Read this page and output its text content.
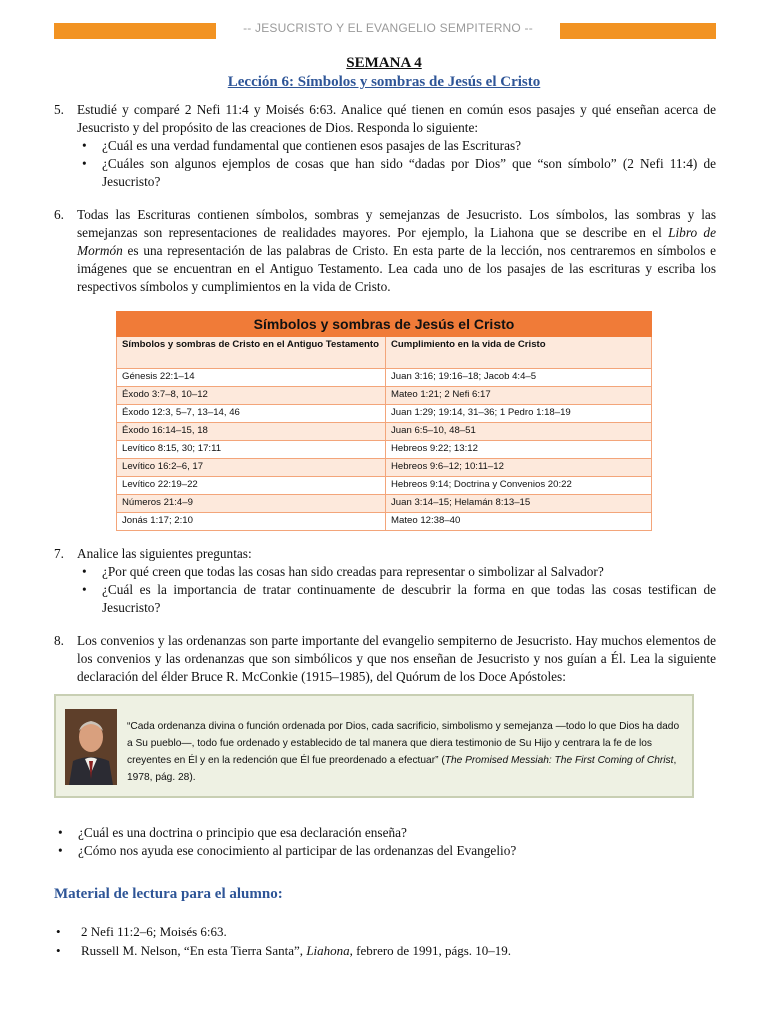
-- JESUCRISTO Y EL EVANGELIO SEMPITERNO --
SEMANA 4
Lección 6: Símbolos y sombras de Jesús el Cristo
5. Estudié y comparé 2 Nefi 11:4 y Moisés 6:63. Analice qué tienen en común esos pasajes y qué enseñan acerca de Jesucristo y del propósito de las creaciones de Dios. Responda lo siguiente:
• ¿Cuál es una verdad fundamental que contienen esos pasajes de las Escrituras?
• ¿Cuáles son algunos ejemplos de cosas que han sido “dadas por Dios” que “son símbolo” (2 Nefi 11:4) de Jesucristo?
6. Todas las Escrituras contienen símbolos, sombras y semejanzas de Jesucristo. Los símbolos, las sombras y las semejanzas son representaciones de realidades mayores. Por ejemplo, la Liahona que se describe en el Libro de Mormón es una representación de las palabras de Cristo. En esta parte de la lección, nos centraremos en símbolos e imágenes que se encuentran en el Antiguo Testamento. Lea cada uno de los pasajes de las escrituras y escriba los respectivos símbolos y cumplimientos en la vida de Cristo.
Símbolos y sombras de Jesús el Cristo	
Símbolos y sombras de Cristo en el Antiguo Testamento	Cumplimiento en la vida de Cristo
Génesis 22:1–14	Juan 3:16; 19:16–18; Jacob 4:4–5
Éxodo 3:7–8, 10–12	Mateo 1:21; 2 Nefi 6:17
Éxodo 12:3, 5–7, 13–14, 46	Juan 1:29; 19:14, 31–36; 1 Pedro 1:18–19
Éxodo 16:14–15, 18	Juan 6:5–10, 48–51
Levítico 8:15, 30; 17:11	Hebreos 9:22; 13:12
Levítico 16:2–6, 17	Hebreos 9:6–12; 10:11–12
Levítico 22:19–22	Hebreos 9:14; Doctrina y Convenios 20:22
Números 21:4–9	Juan 3:14–15; Helamán 8:13–15
Jonás 1:17; 2:10	Mateo 12:38–40
7. Analice las siguientes preguntas:
• ¿Por qué creen que todas las cosas han sido creadas para representar o simbolizar al Salvador?
• ¿Cuál es la importancia de tratar continuamente de descubrir la forma en que todas las cosas testifican de Jesucristo?
8. Los convenios y las ordenanzas son parte importante del evangelio sempiterno de Jesucristo. Hay muchos elementos de los convenios y las ordenanzas que son simbólicos y que nos enseñan de Jesucristo y nos guían a Él. Lea la siguiente declaración del élder Bruce R. McConkie (1915–1985), del Quórum de los Doce Apóstoles:
“Cada ordenanza divina o función ordenada por Dios, cada sacrificio, simbolismo y semejanza —todo lo que Dios ha dado a Su pueblo—, todo fue ordenado y establecido de tal manera que diera testimonio de Su Hijo y centrara la fe de los creyentes en Él y en la redención que Él fue preordenado a efectuar” (The Promised Messiah: The First Coming of Christ, 1978, pág. 28).
• ¿Cuál es una doctrina o principio que esa declaración enseña?
• ¿Cómo nos ayuda ese conocimiento al participar de las ordenanzas del Evangelio?
Material de lectura para el alumno:
• 2 Nefi 11:2–6; Moisés 6:63.
• Russell M. Nelson, “En esta Tierra Santa”, Liahona, febrero de 1991, págs. 10–19.
